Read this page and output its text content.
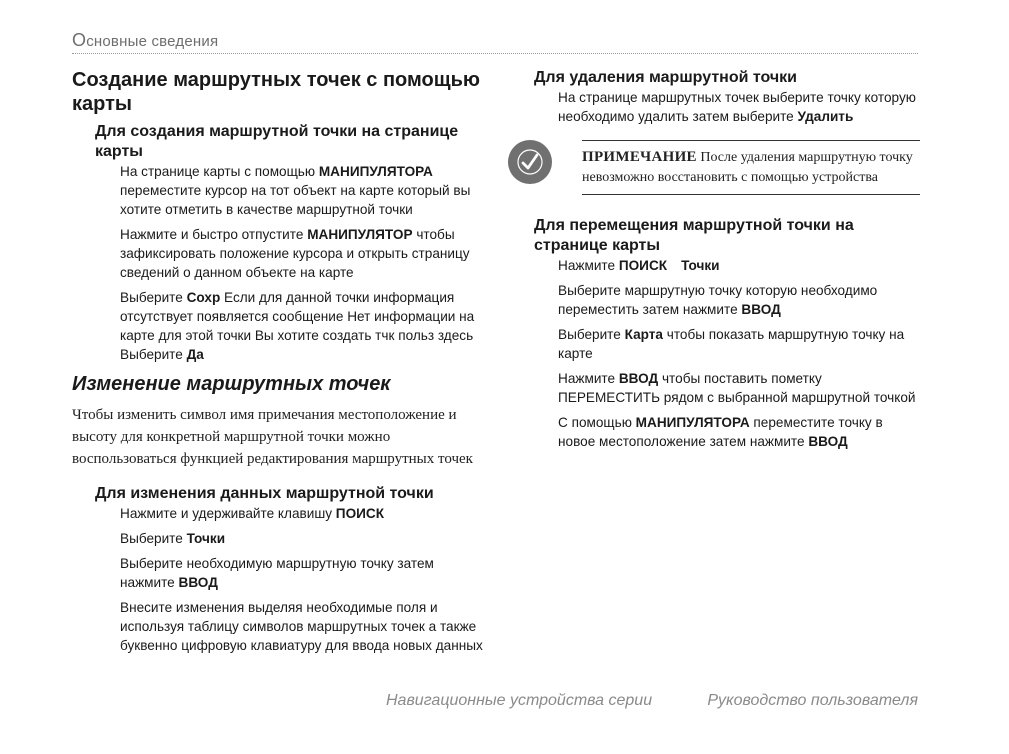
Основные сведения
Создание маршрутных точек с помощью карты
Для создания маршрутной точки на странице карты

На странице карты с помощью МАНИПУЛЯТОРА переместите курсор на тот объект на карте который вы хотите отметить в качестве маршрутной точки

Нажмите и быстро отпустите МАНИПУЛЯТОР чтобы зафиксировать положение курсора и открыть страницу сведений о данном объекте на карте

Выберите Сохр Если для данной точки информация отсутствует появляется сообщение Нет информации на карте для этой точки Вы хотите создать тчк польз здесь Выберите Да

Изменение маршрутных точек

Чтобы изменить символ имя примечания местоположение и высоту для конкретной маршрутной точки можно воспользоваться функцией редактирования маршрутных точек

Для изменения данных маршрутной точки

Нажмите и удерживайте клавишу ПОИСК

Выберите Точки

Выберите необходимую маршрутную точку затем нажмите ВВОД

Внесите изменения выделяя необходимые поля и используя таблицу символов маршрутных точек а также буквенно цифровую клавиатуру для ввода новых данных

Для удаления маршрутной точки

На странице маршрутных точек выберите точку которую необходимо удалить затем выберите Удалить

ПРИМЕЧАНИЕ После удаления маршрутную точку невозможно восстановить с помощью устройства
Для перемещения маршрутной точки на странице карты

Нажмите ПОИСК Точки

Выберите маршрутную точку которую необходимо переместить затем нажмите ВВОД

Выберите Карта чтобы показать маршрутную точку на карте

Нажмите ВВОД чтобы поставить пометку ПЕРЕМЕСТИТЬ рядом с выбранной маршрутной точкой

С помощью МАНИПУЛЯТОРА переместите точку в новое местоположение затем нажмите ВВОД

Навигационные устройства серии	Руководство пользователя
